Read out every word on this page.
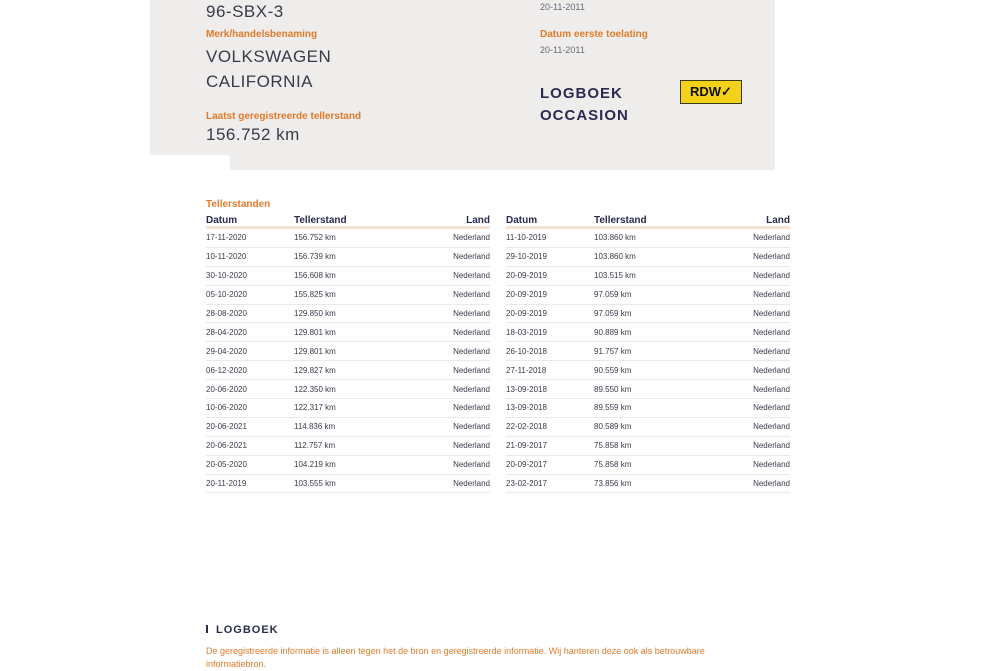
96-SBX-3
Merk/handelsbenaming
VOLKSWAGEN
CALIFORNIA
Laatst geregistreerde tellerstand
156.752 km
20-11-2011
Datum eerste toelating
20-11-2011
LOGBOEK
OCCASION
RDW✓
Tellerstanden
Datum	Tellerstand	Land
17-11-2020	156.752 km	Nederland
10-11-2020	156.739 km	Nederland
30-10-2020	156.608 km	Nederland
05-10-2020	155.825 km	Nederland
28-08-2020	129.850 km	Nederland
28-04-2020	129.801 km	Nederland
29-04-2020	129.801 km	Nederland
06-12-2020	129.827 km	Nederland
20-06-2020	122.350 km	Nederland
10-06-2020	122.317 km	Nederland
20-06-2021	114.836 km	Nederland
20-06-2021	112.757 km	Nederland
20-05-2020	104.219 km	Nederland
20-11-2019	103.555 km	Nederland
Datum	Tellerstand	Land
11-10-2019	103.860 km	Nederland
29-10-2019	103.860 km	Nederland
20-09-2019	103.515 km	Nederland
20-09-2019	97.059 km	Nederland
20-09-2019	97.059 km	Nederland
18-03-2019	90.889 km	Nederland
26-10-2018	91.757 km	Nederland
27-11-2018	90.559 km	Nederland
13-09-2018	89.550 km	Nederland
13-09-2018	89.559 km	Nederland
22-02-2018	80.589 km	Nederland
21-09-2017	75.858 km	Nederland
20-09-2017	75.858 km	Nederland
23-02-2017	73.856 km	Nederland
LOGBOEK
De geregistreerde informatie is alleen tegen het de bron en geregistreerde informatie. Wij hanteren deze ook als betrouwbare informatiebron.
